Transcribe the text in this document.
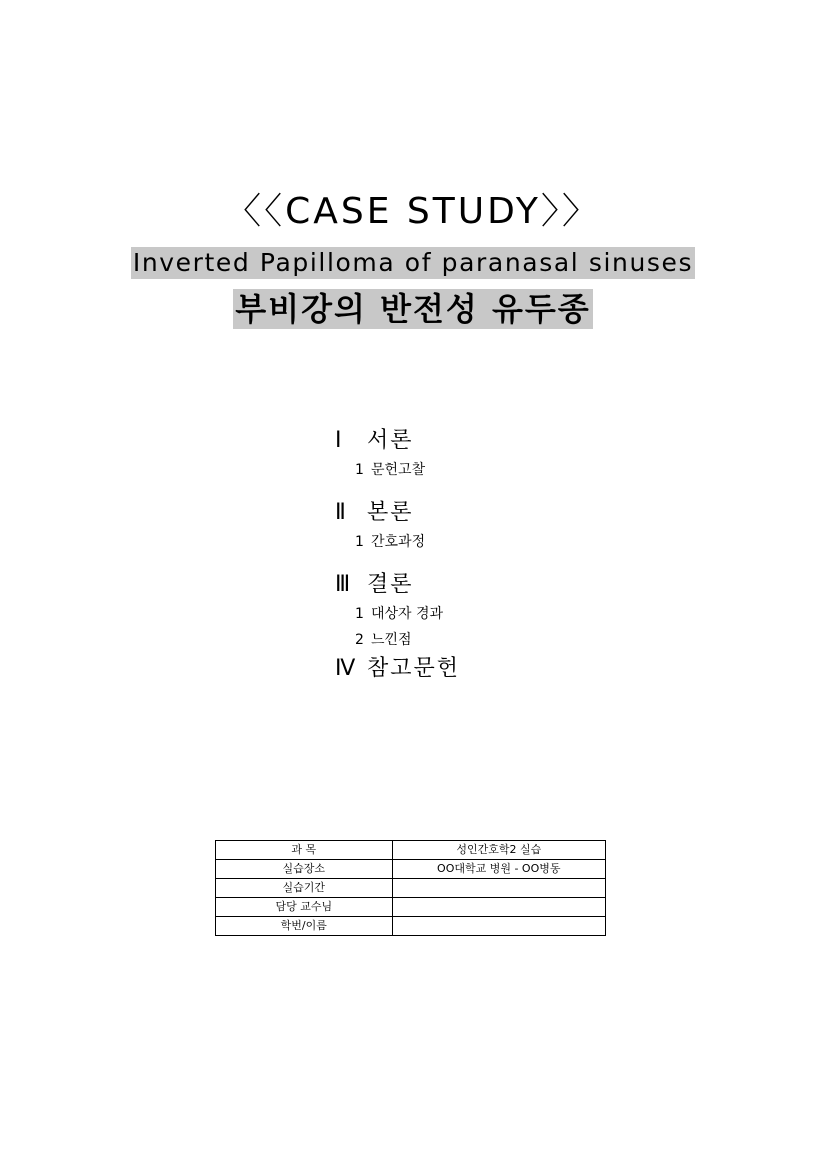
〈〈CASE STUDY〉〉
Inverted Papilloma of paranasal sinuses
부비강의 반전성 유두종
Ⅰ 서론
1 문헌고찰
Ⅱ 본론
1 간호과정
Ⅲ 결론
1 대상자 경과
2 느낀점
Ⅳ 참고문헌
과 목	성인간호학2 실습
실습장소	OO대학교 병원 - OO병동
실습기간	
담당 교수님	
학번/이름	
